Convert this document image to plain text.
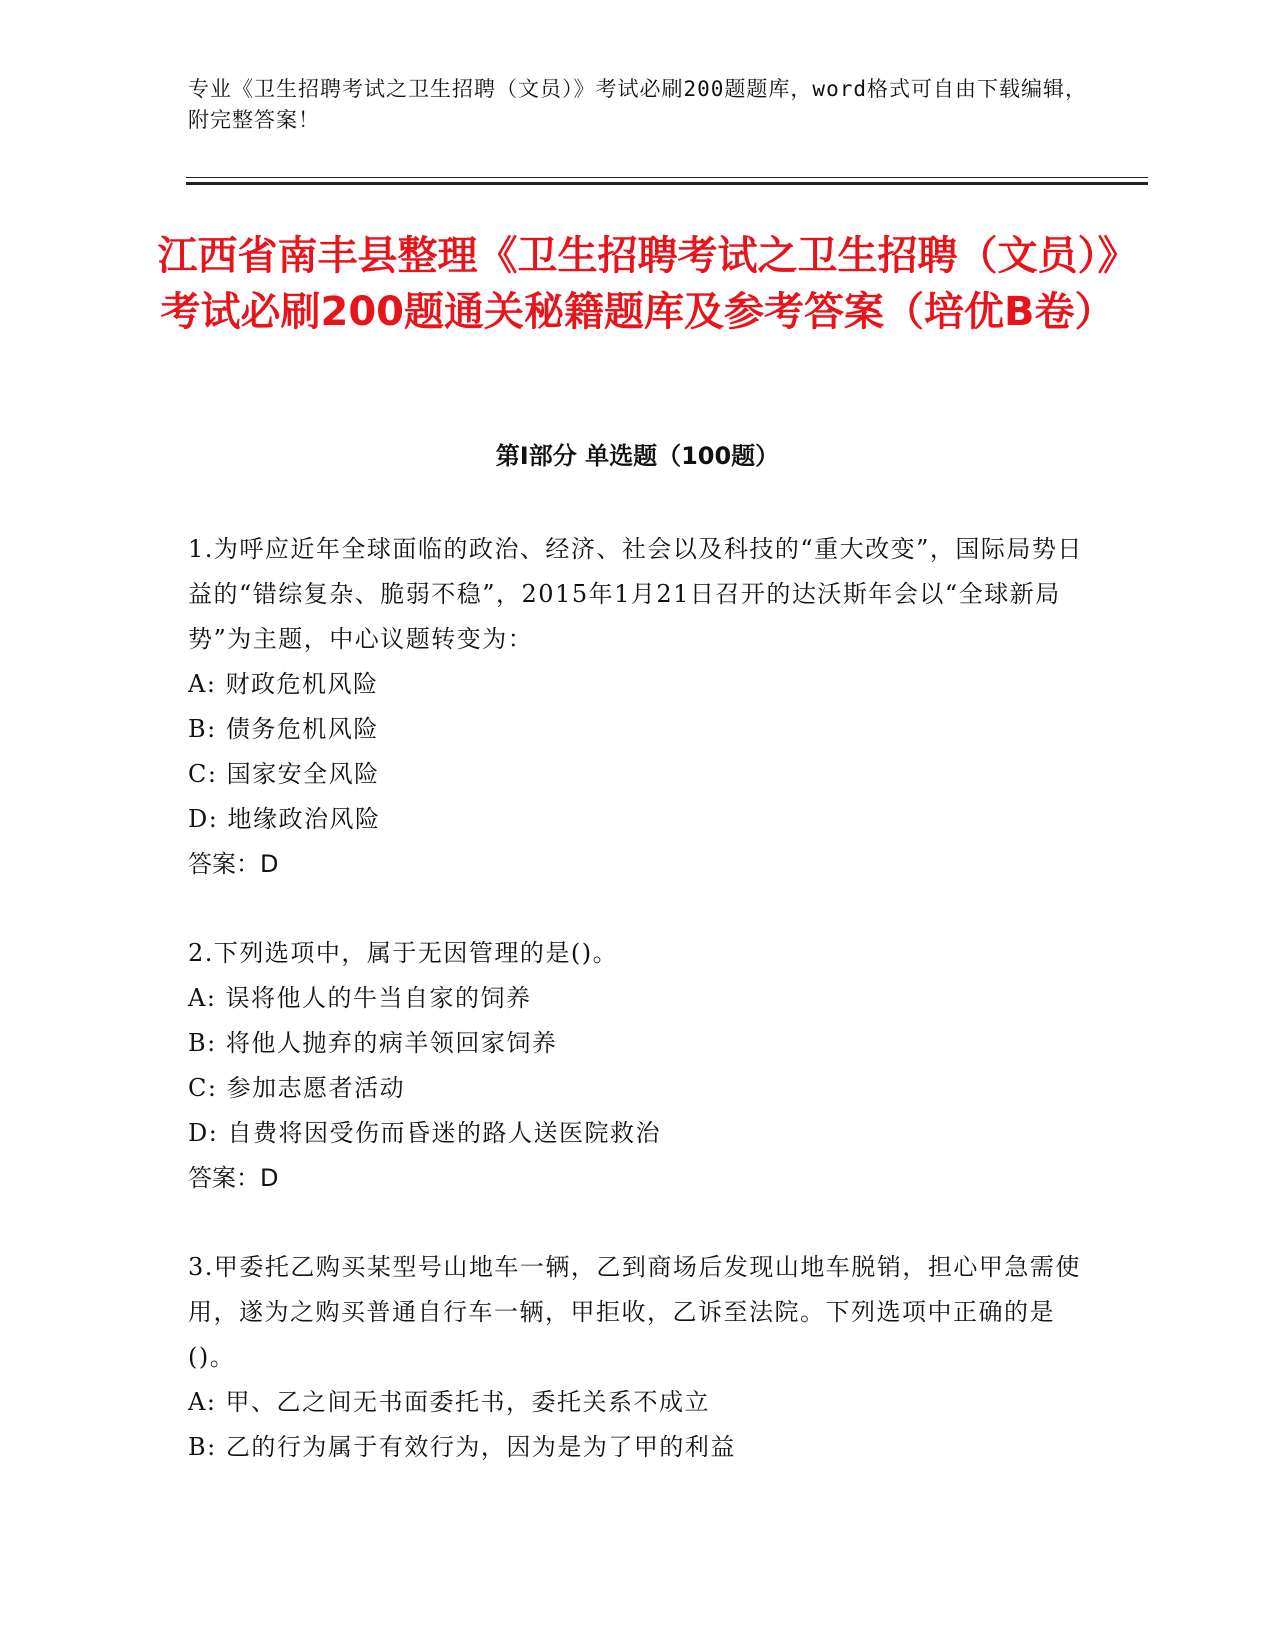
专业《卫生招聘考试之卫生招聘（文员）》考试必刷200题题库，word格式可自由下载编辑，附完整答案！
江西省南丰县整理《卫生招聘考试之卫生招聘（文员）》考试必刷200题通关秘籍题库及参考答案（培优B卷）
第I部分 单选题（100题）
1.为呼应近年全球面临的政治、经济、社会以及科技的“重大改变”，国际局势日益的“错综复杂、脆弱不稳”，2015年1月21日召开的达沃斯年会以“全球新局势”为主题，中心议题转变为：
A: 财政危机风险
B: 债务危机风险
C: 国家安全风险
D: 地缘政治风险
答案：D
2.下列选项中，属于无因管理的是()。
A: 误将他人的牛当自家的饲养
B: 将他人抛弃的病羊领回家饲养
C: 参加志愿者活动
D: 自费将因受伤而昏迷的路人送医院救治
答案：D
3.甲委托乙购买某型号山地车一辆，乙到商场后发现山地车脱销，担心甲急需使用，遂为之购买普通自行车一辆，甲拒收，乙诉至法院。下列选项中正确的是()。
A: 甲、乙之间无书面委托书，委托关系不成立
B: 乙的行为属于有效行为，因为是为了甲的利益
